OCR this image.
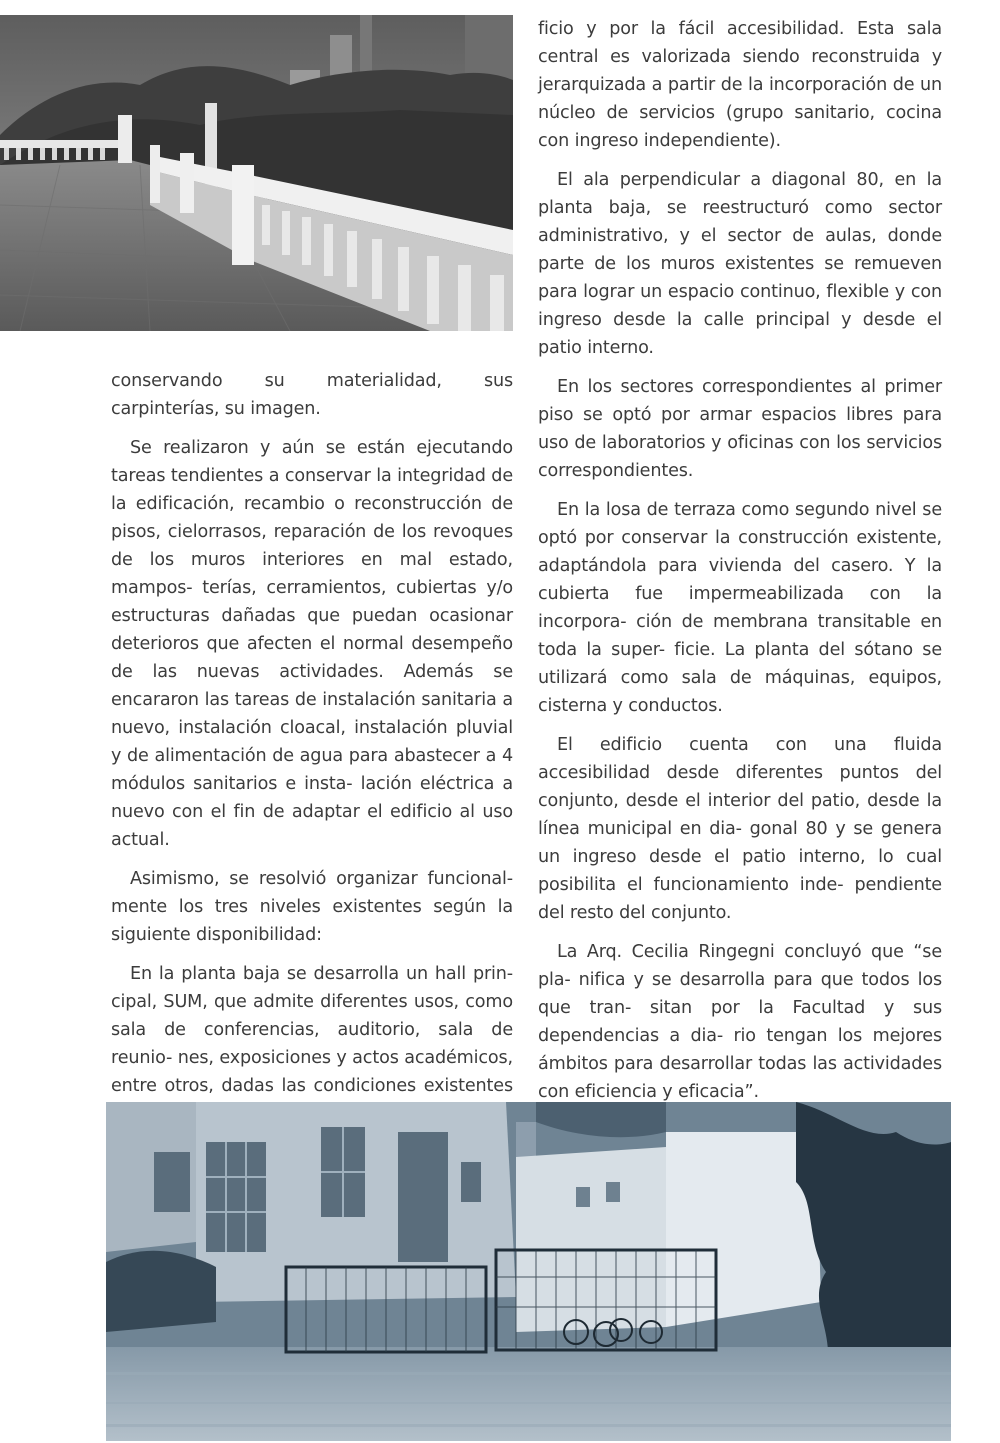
conservando su materialidad, sus carpinterías, su imagen.

Se realizaron y aún se están ejecutando tareas tendientes a conservar la integridad de la edificación, recambio o reconstrucción de pisos, cielorrasos, reparación de los revoques de los muros interiores en mal estado, mampos- terías, cerramientos, cubiertas y/o estructuras dañadas que puedan ocasionar deterioros que afecten el normal desempeño de las nuevas actividades. Además se encararon las tareas de instalación sanitaria a nuevo, instalación cloacal, instalación pluvial y de alimentación de agua para abastecer a 4 módulos sanitarios e insta- lación eléctrica a nuevo con el fin de adaptar el edificio al uso actual.

Asimismo, se resolvió organizar funcional- mente los tres niveles existentes según la siguiente disponibilidad:

En la planta baja se desarrolla un hall prin- cipal, SUM, que admite diferentes usos, como sala de conferencias, auditorio, sala de reunio- nes, exposiciones y actos académicos, entre otros, dadas las condiciones existentes

ficio y por la fácil accesibilidad. Esta sala central es valorizada siendo reconstruida y jerarquizada a partir de la incorporación de un núcleo de servicios (grupo sanitario, cocina con ingreso independiente).

El ala perpendicular a diagonal 80, en la planta baja, se reestructuró como sector administrativo, y el sector de aulas, donde parte de los muros existentes se remueven para lograr un espacio continuo, flexible y con ingreso desde la calle principal y desde el patio interno.

En los sectores correspondientes al primer piso se optó por armar espacios libres para uso de laboratorios y oficinas con los servicios correspondientes.

En la losa de terraza como segundo nivel se optó por conservar la construcción existente, adaptándola para vivienda del casero. Y la cubierta fue impermeabilizada con la incorpora- ción de membrana transitable en toda la super- ficie. La planta del sótano se utilizará como sala de máquinas, equipos, cisterna y conductos.

El edificio cuenta con una fluida accesibilidad desde diferentes puntos del conjunto, desde el interior del patio, desde la línea municipal en dia- gonal 80 y se genera un ingreso desde el patio interno, lo cual posibilita el funcionamiento inde- pendiente del resto del conjunto.

La Arq. Cecilia Ringegni concluyó que “se pla- nifica y se desarrolla para que todos los que tran- sitan por la Facultad y sus dependencias a dia- rio tengan los mejores ámbitos para desarrollar todas las actividades con eficiencia y eficacia”.
